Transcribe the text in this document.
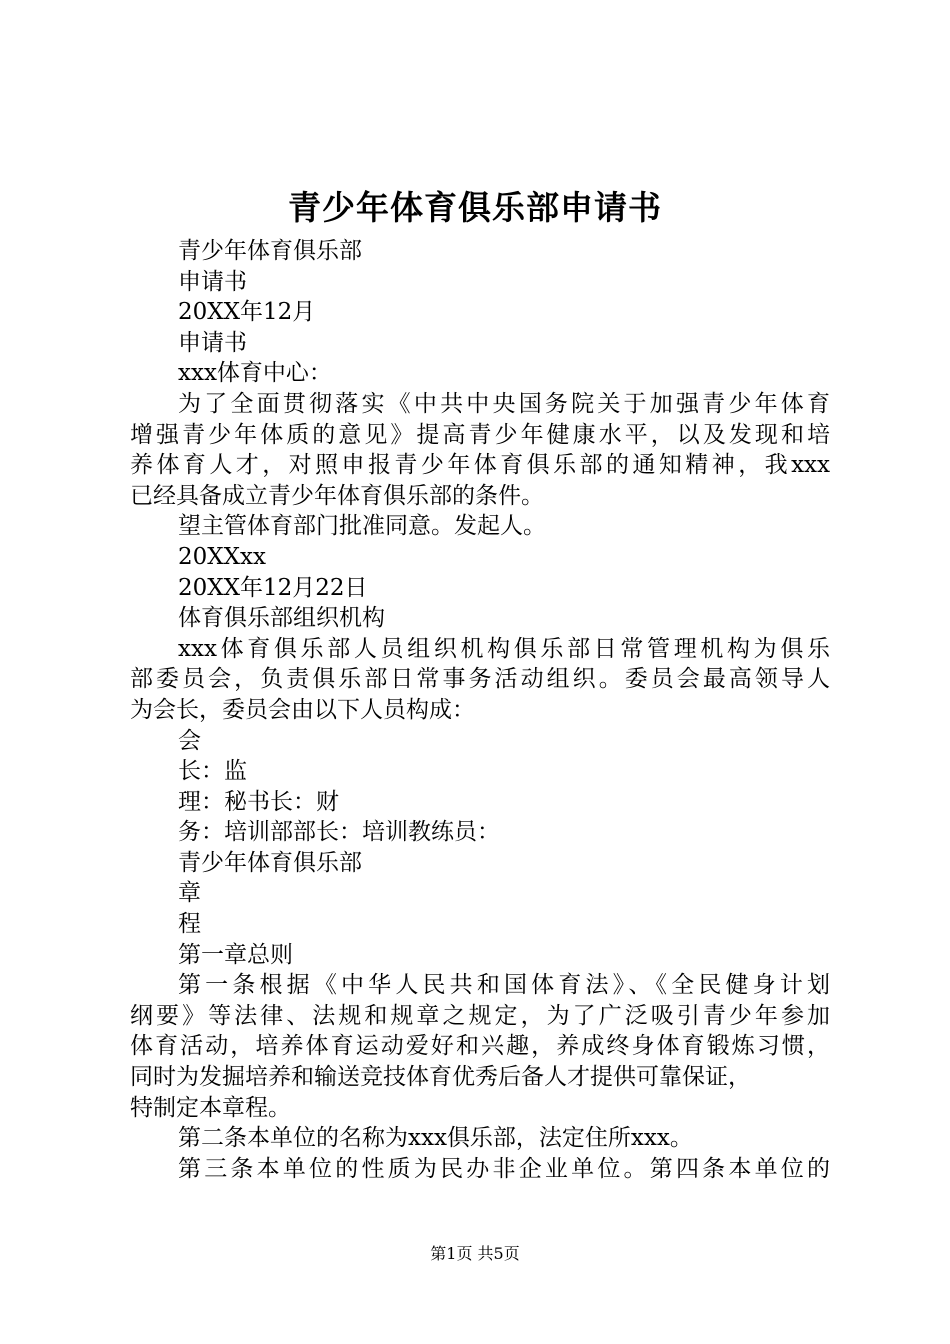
青少年体育俱乐部申请书
青少年体育俱乐部
申请书
20XX年12月
申请书
xxx体育中心：
为了全面贯彻落实《中共中央国务院关于加强青少年体育
增强青少年体质的意见》提高青少年健康水平，以及发现和培
养体育人才，对照申报青少年体育俱乐部的通知精神，我xxx
已经具备成立青少年体育俱乐部的条件。
望主管体育部门批准同意。发起人。
20XXxx
20XX年12月22日
体育俱乐部组织机构
xxx体育俱乐部人员组织机构俱乐部日常管理机构为俱乐
部委员会，负责俱乐部日常事务活动组织。委员会最高领导人
为会长，委员会由以下人员构成：
会
长：监
理：秘书长：财
务：培训部部长：培训教练员：
青少年体育俱乐部
章
程
第一章总则
第一条根据《中华人民共和国体育法》、《全民健身计划
纲要》等法律、法规和规章之规定，为了广泛吸引青少年参加
体育活动，培养体育运动爱好和兴趣，养成终身体育锻炼习惯，
同时为发掘培养和输送竞技体育优秀后备人才提供可靠保证，
特制定本章程。
第二条本单位的名称为xxx俱乐部，法定住所xxx。
第三条本单位的性质为民办非企业单位。第四条本单位的
第1页 共5页
